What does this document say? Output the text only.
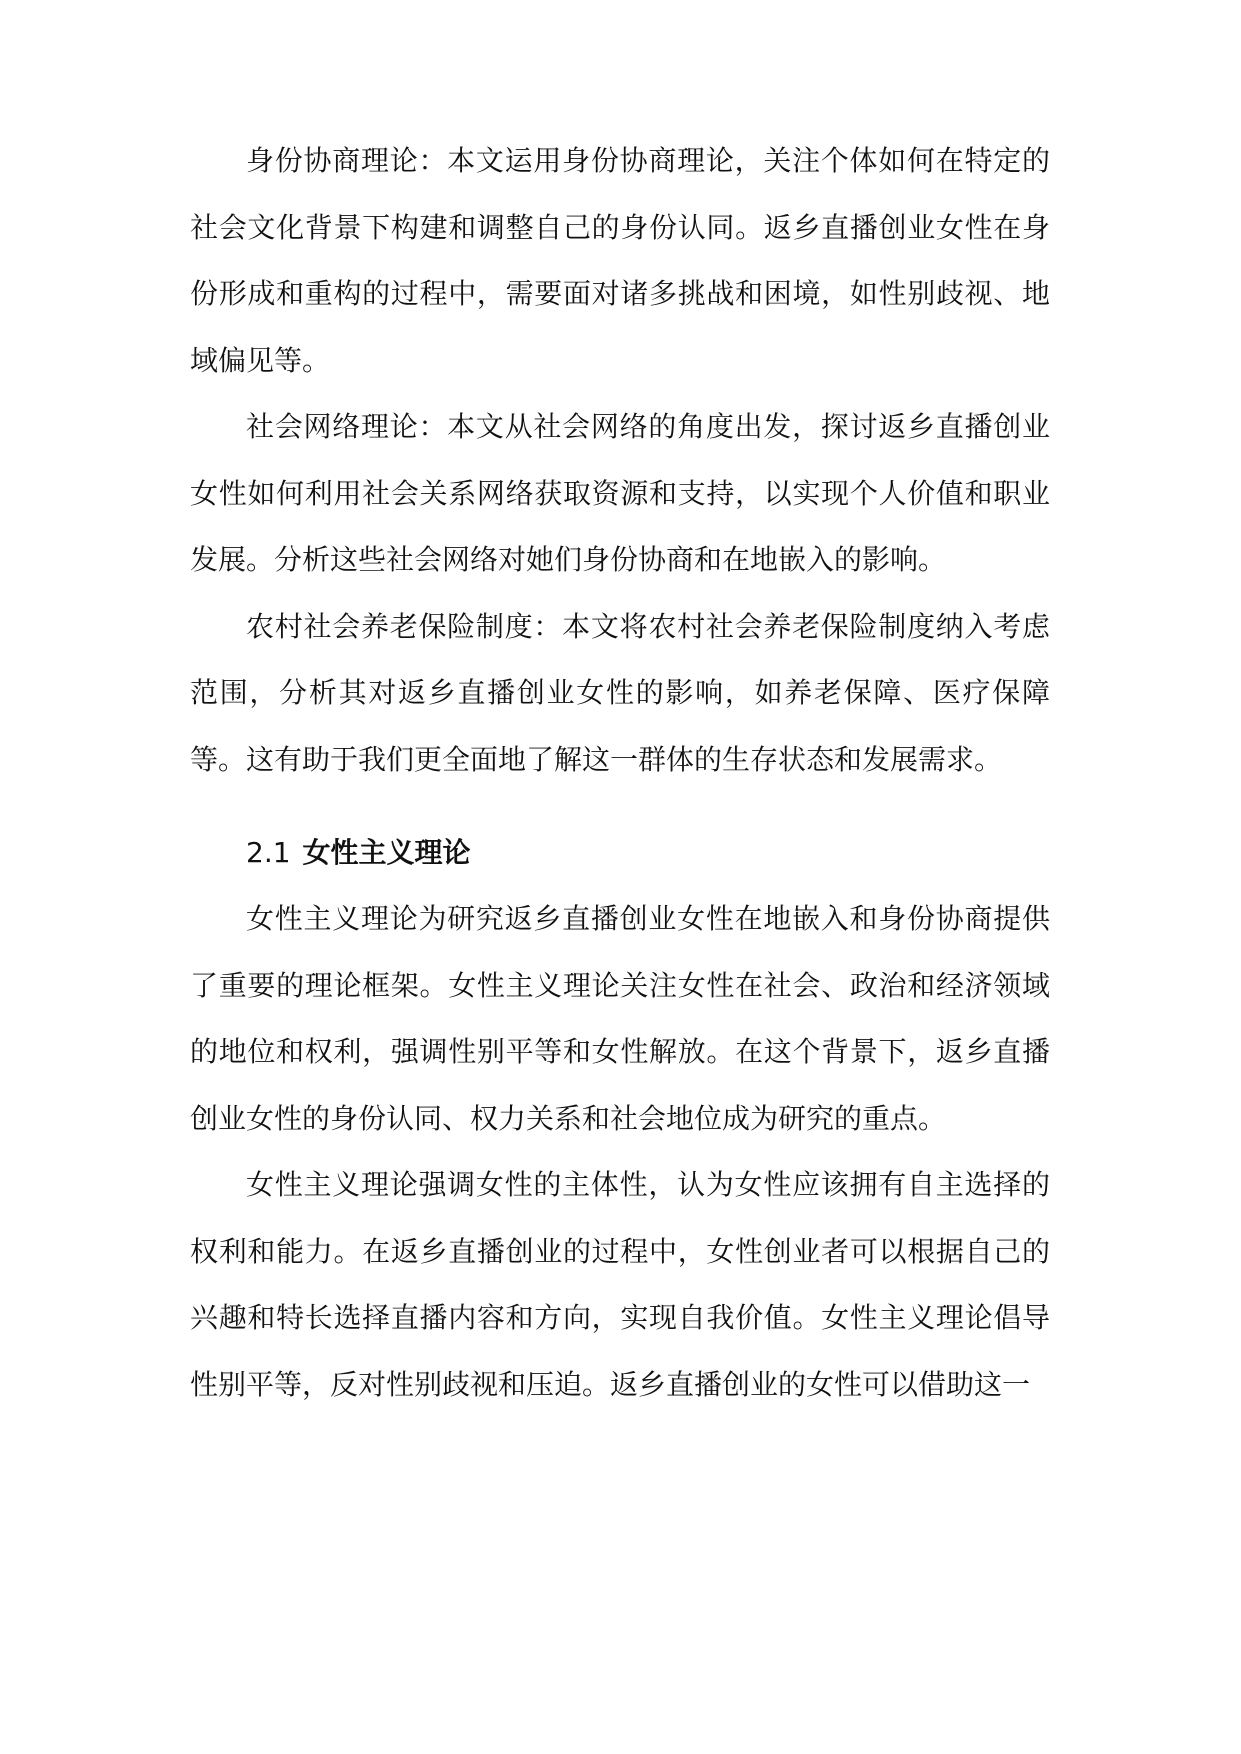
身份协商理论：本文运用身份协商理论，关注个体如何在特定的社会文化背景下构建和调整自己的身份认同。返乡直播创业女性在身份形成和重构的过程中，需要面对诸多挑战和困境，如性别歧视、地域偏见等。

社会网络理论：本文从社会网络的角度出发，探讨返乡直播创业女性如何利用社会关系网络获取资源和支持，以实现个人价值和职业发展。分析这些社会网络对她们身份协商和在地嵌入的影响。

农村社会养老保险制度：本文将农村社会养老保险制度纳入考虑范围，分析其对返乡直播创业女性的影响，如养老保障、医疗保障等。这有助于我们更全面地了解这一群体的生存状态和发展需求。

2.1 女性主义理论

女性主义理论为研究返乡直播创业女性在地嵌入和身份协商提供了重要的理论框架。女性主义理论关注女性在社会、政治和经济领域的地位和权利，强调性别平等和女性解放。在这个背景下，返乡直播创业女性的身份认同、权力关系和社会地位成为研究的重点。

女性主义理论强调女性的主体性，认为女性应该拥有自主选择的权利和能力。在返乡直播创业的过程中，女性创业者可以根据自己的兴趣和特长选择直播内容和方向，实现自我价值。女性主义理论倡导性别平等，反对性别歧视和压迫。返乡直播创业的女性可以借助这一
